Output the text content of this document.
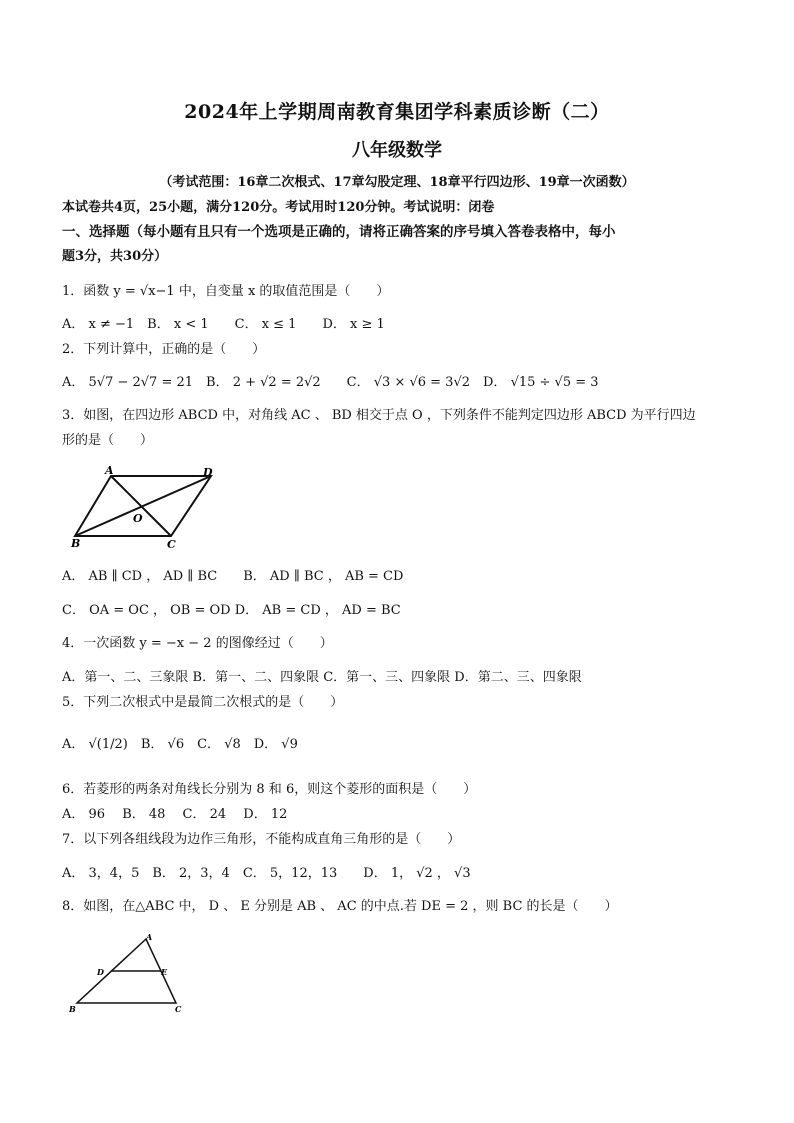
2024年上学期周南教育集团学科素质诊断（二）
八年级数学
（考试范围：16章二次根式、17章勾股定理、18章平行四边形、19章一次函数）
本试卷共4页，25小题，满分120分。考试用时120分钟。考试说明：闭卷
一、选择题（每小题有且只有一个选项是正确的，请将正确答案的序号填入答卷表格中，每小
题3分，共30分）
1．函数 y = √x−1 中，自变量 x 的取值范围是（　　）
A． x ≠ −1　B． x < 1　　C． x ≤ 1　　D． x ≥ 1
2．下列计算中，正确的是（　　）
A． 5√7 − 2√7 = 21　B． 2 + √2 = 2√2　　C． √3 × √6 = 3√2　D． √15 ÷ √5 = 3
3．如图，在四边形 ABCD 中，对角线 AC 、 BD 相交于点 O ，下列条件不能判定四边形 ABCD 为平行四边
形的是（　　）
A	D
O
B	C
A． AB ∥ CD ， AD ∥ BC　　B． AD ∥ BC ， AB = CD
C． OA = OC ， OB = OD D． AB = CD ， AD = BC
4．一次函数 y = −x − 2 的图像经过（　　）
A．第一、二、三象限 B．第一、二、四象限 C．第一、三、四象限 D．第二、三、四象限
5．下列二次根式中是最简二次根式的是（　　）
A． √(1/2)　B． √6　C． √8　D． √9
6．若菱形的两条对角线长分别为 8 和 6，则这个菱形的面积是（　　）
A． 96　 B． 48　 C． 24　 D． 12
7．以下列各组线段为边作三角形，不能构成直角三角形的是（　　）
A． 3，4，5　B． 2，3，4　C． 5，12，13　　D． 1， √2 ， √3
8．如图，在△ABC 中， D 、 E 分别是 AB 、 AC 的中点.若 DE = 2 ，则 BC 的长是（　　）
A
D	E
B	C
